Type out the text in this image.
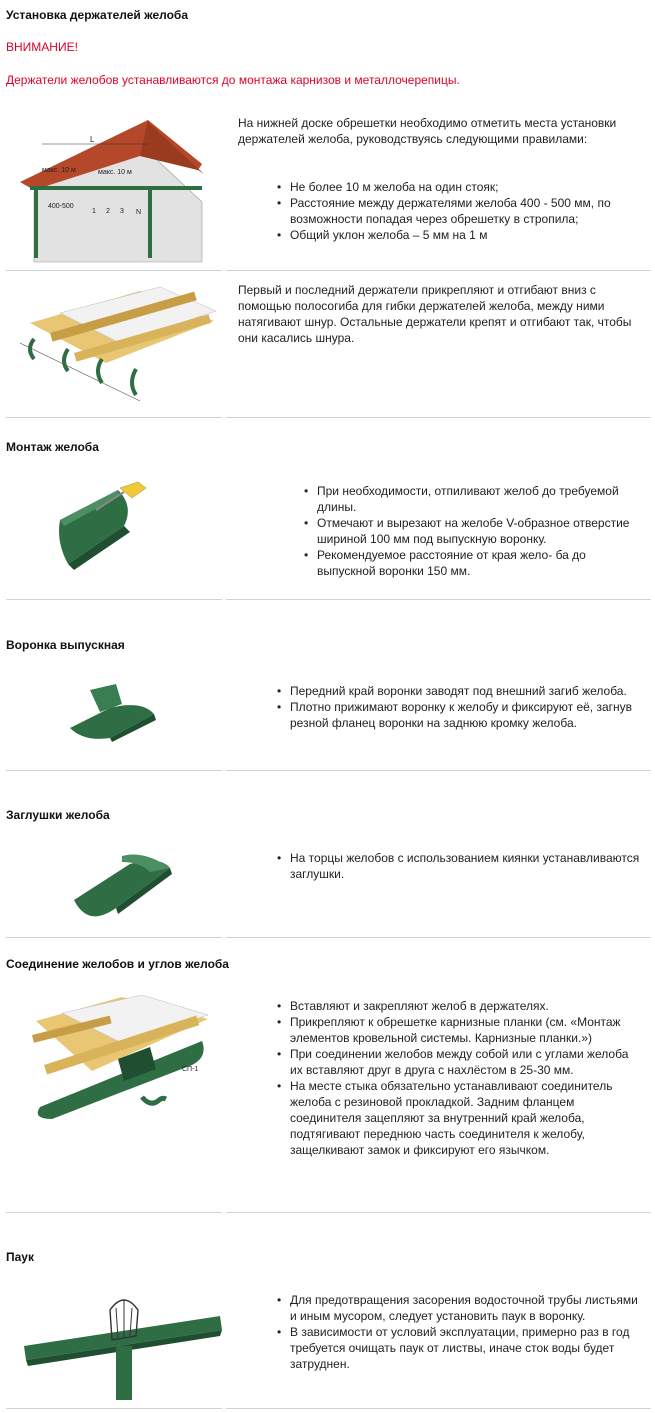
Установка держателей желоба

ВНИМАНИЕ!

Держатели желобов устанавливаются до монтажа карнизов и металлочерепицы.

L
макс. 10 м	макс. 10 м
400-500
1 2 3 N

На нижней доске обрешетки необходимо отметить места установки держателей желоба, руководствуясь следующими правилами:

• Не более 10 м желоба на один стояк;
• Расстояние между держателями желоба 400 - 500 мм, по возможности попадая через обрешетку в стропила;
• Общий уклон желоба – 5 мм на 1 м

Первый и последний держатели прикрепляют и отгибают вниз с помощью полосогиба для гибки держателей желоба, между ними натягивают шнур. Остальные держатели крепят и отгибают так, чтобы они касались шнура.

Монтаж желоба
• При необходимости, отпиливают желоб до требуемой длины.
• Отмечают и вырезают на желобе V-образное отверстие шириной 100 мм под выпускную воронку.
• Рекомендуемое расстояние от края жело- ба до выпускной воронки 150 мм.
Воронка выпускная
• Передний край воронки заводят под внешний загиб желоба.
• Плотно прижимают воронку к желобу и фиксируют её, загнув резной фланец воронки на заднюю кромку желоба.
Заглушки желоба
• На торцы желобов с использованием киянки устанавливаются заглушки.
Соединение желобов и углов желоба
СП-1
• Вставляют и закрепляют желоб в держателях.
• Прикрепляют к обрешетке карнизные планки (см. «Монтаж элементов кровельной системы. Карнизные планки.»)
• При соединении желобов между собой или с углами желоба их вставляют друг в друга с нахлёстом в 25-30 мм.
• На месте стыка обязательно устанавливают соединитель желоба с резиновой прокладкой. Задним фланцем соединителя зацепляют за внутренний край желоба, подтягивают переднюю часть соединителя к желобу, защелкивают замок и фиксируют его язычком.
Паук
• Для предотвращения засорения водосточной трубы листьями и иным мусором, следует установить паук в воронку.
• В зависимости от условий эксплуатации, примерно раз в год требуется очищать паук от листвы, иначе сток воды будет затруднен.
